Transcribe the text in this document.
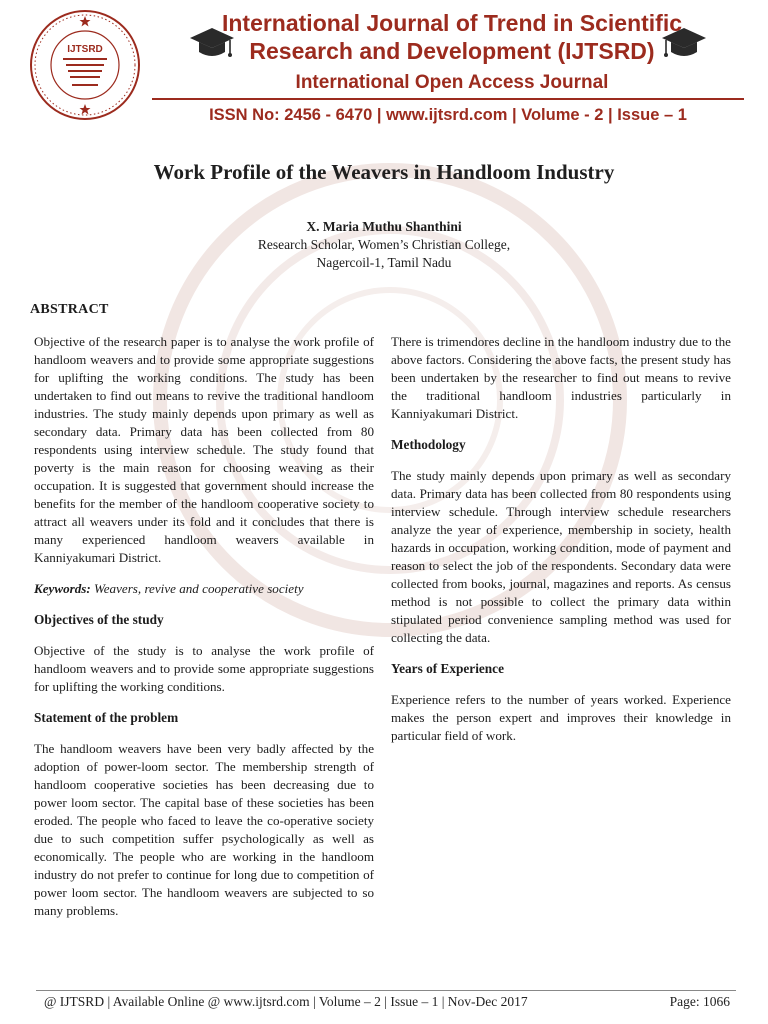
IJTSRD
International Journal of Trend in Scientific
Research and Development (IJTSRD)
International Open Access Journal
ISSN No: 2456 - 6470 | www.ijtsrd.com | Volume - 2 | Issue – 1
Work Profile of the Weavers in Handloom Industry
X. Maria Muthu Shanthini
Research Scholar, Women’s Christian College,
Nagercoil-1, Tamil Nadu
ABSTRACT

Objective of the research paper is to analyse the work profile of handloom weavers and to provide some appropriate suggestions for uplifting the working conditions. The study has been undertaken to find out means to revive the traditional handloom industries. The study mainly depends upon primary as well as secondary data. Primary data has been collected from 80 respondents using interview schedule. The study found that poverty is the main reason for choosing weaving as their occupation. It is suggested that government should increase the benefits for the member of the handloom cooperative society to attract all weavers under its fold and it concludes that there is many experienced handloom weavers available in Kanniyakumari District.

Keywords: Weavers, revive and cooperative society

Objectives of the study

Objective of the study is to analyse the work profile of handloom weavers and to provide some appropriate suggestions for uplifting the working conditions.

Statement of the problem

The handloom weavers have been very badly affected by the adoption of power-loom sector. The membership strength of handloom cooperative societies has been decreasing due to power loom sector. The capital base of these societies has been eroded. The people who faced to leave the co-operative society due to such competition suffer psychologically as well as economically. The people who are working in the handloom industry do not prefer to continue for long due to competition of power loom sector. The handloom weavers are subjected to so many problems.

There is trimendores decline in the handloom industry due to the above factors. Considering the above facts, the present study has been undertaken by the researcher to find out means to revive the traditional handloom industries particularly in Kanniyakumari District.

Methodology

The study mainly depends upon primary as well as secondary data. Primary data has been collected from 80 respondents using interview schedule. Through interview schedule researchers analyze the year of experience, membership in society, health hazards in occupation, working condition, mode of payment and reason to select the job of the respondents. Secondary data were collected from books, journal, magazines and reports. As census method is not possible to collect the primary data within stipulated period convenience sampling method was used for collecting the data.

Years of Experience

Experience refers to the number of years worked. Experience makes the person expert and improves their knowledge in particular field of work.

@ IJTSRD | Available Online @ www.ijtsrd.com | Volume – 2 | Issue – 1 | Nov-Dec 2017	Page: 1066
